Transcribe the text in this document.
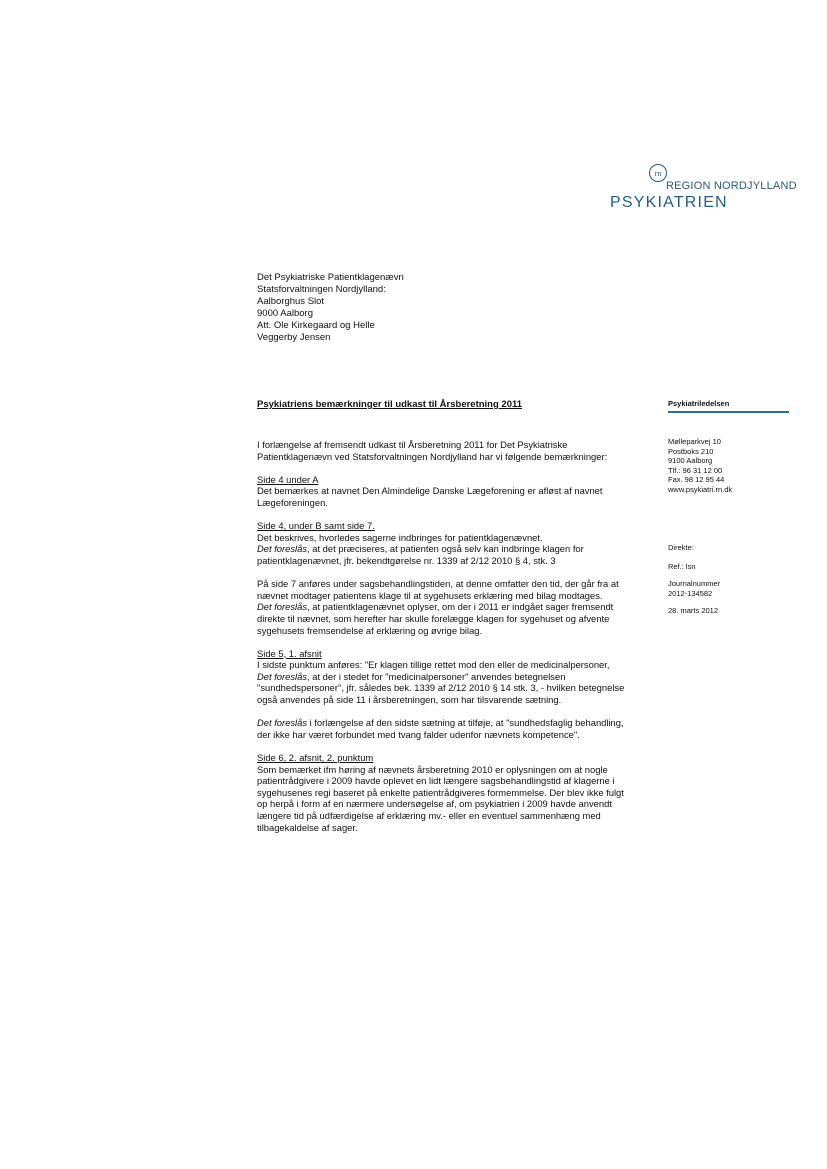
rn
REGION NORDJYLLAND
PSYKIATRIEN
Det Psykiatriske Patientklagenævn
Statsforvaltningen Nordjylland:
Aalborghus Slot
9000 Aalborg
Att. Ole Kirkegaard og Helle
Veggerby Jensen
Psykiatriens bemærkninger til udkast til Årsberetning 2011	Psykiatriledelsen
Mølleparkvej 10
Postboks 210
9100 Aalborg
Tlf.: 96 31 12 00
Fax. 98 12 95 44
www.psykiatri.rn.dk
Direkte:
Ref.: lsn
Journalnummer
2012-134582
28. marts 2012

I forlængelse af fremsendt udkast til Årsberetning 2011 for Det Psykiatriske Patientklagenævn ved Statsforvaltningen Nordjylland har vi følgende bemærkninger:

Side 4 under A

Det bemærkes at navnet Den Almindelige Danske Lægeforening er afløst af navnet Lægeforeningen.

Side 4, under B samt side 7.

Det beskrives, hvorledes sagerne indbringes for patientklagenævnet.

Det foreslås, at det præciseres, at patienten også selv kan indbringe klagen for patientklagenævnet, jfr. bekendtgørelse nr. 1339 af 2/12 2010 § 4, stk. 3

På side 7 anføres under sagsbehandlingstiden, at denne omfatter den tid, der går fra at nævnet modtager patientens klage til at sygehusets erklæring med bilag modtages.

Det foreslås, at patientklagenævnet oplyser, om der i 2011 er indgået sager fremsendt direkte til nævnet, som herefter har skulle forelægge klagen for sygehuset og afvente sygehusets fremsendelse af erklæring og øvrige bilag.

Side 5, 1. afsnit

I sidste punktum anføres: "Er klagen tillige rettet mod den eller de medicinalpersoner,

Det foreslås, at der i stedet for "medicinalpersoner" anvendes betegnelsen "sundhedspersoner", jfr. således bek. 1339 af 2/12 2010 § 14 stk. 3, - hvilken betegnelse også anvendes på side 11 i årsberetningen, som har tilsvarende sætning.

Det foreslås i forlængelse af den sidste sætning at tilføje, at "sundhedsfaglig behandling, der ikke har været forbundet med tvang falder udenfor nævnets kompetence".

Side 6, 2. afsnit, 2. punktum

Som bemærket ifm høring af nævnets årsberetning 2010 er oplysningen om at nogle patientrådgivere i 2009 havde oplevet en lidt længere sagsbehandlingstid af klagerne i sygehusenes regi baseret på enkelte patientrådgiveres formemmelse. Der blev ikke fulgt op herpå i form af en nærmere undersøgelse af, om psykiatrien i 2009 havde anvendt længere tid på udfærdigelse af erklæring mv.- eller en eventuel sammenhæng med tilbagekaldelse af sager.
